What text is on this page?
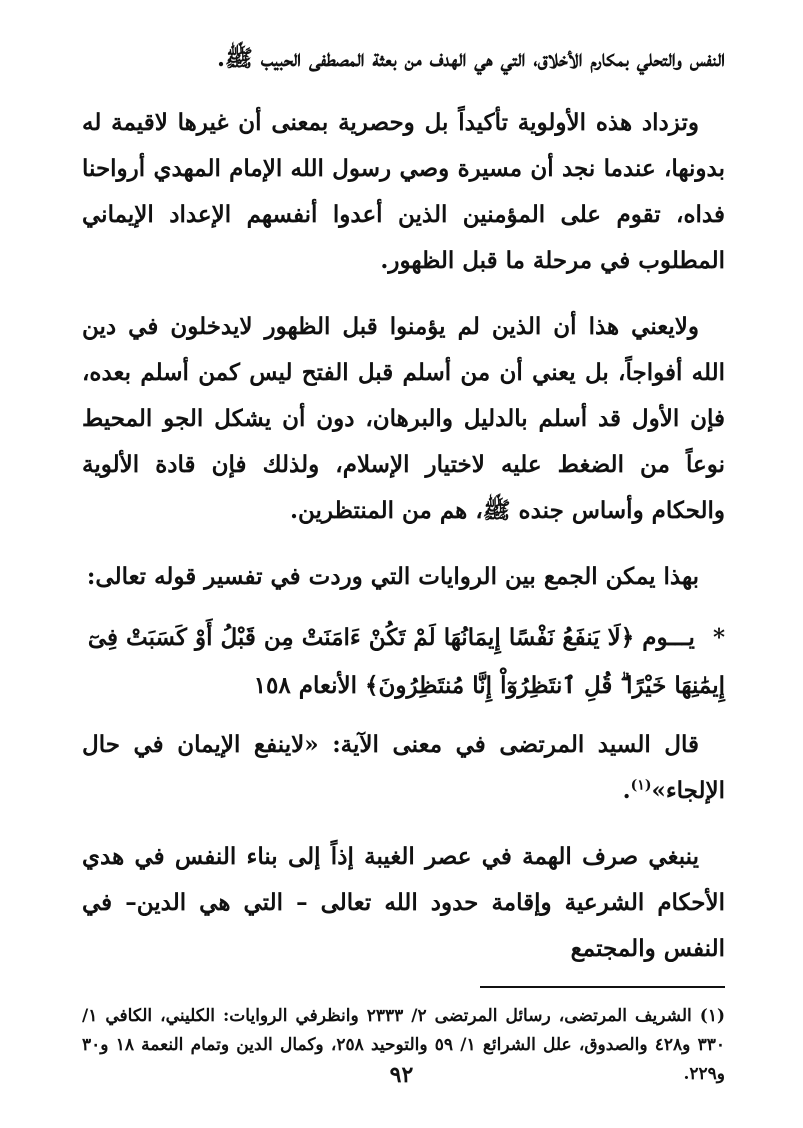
النفس والتحلي بمكارم الأخلاق، التي هي الهدف من بعثة المصطفى الحبيب ﷺ.

وتزداد هذه الأولوية تأكيداً بل وحصرية بمعنى أن غيرها لاقيمة له بدونها، عندما نجد أن مسيرة وصي رسول الله الإمام المهدي أرواحنا فداه، تقوم على المؤمنين الذين أعدوا أنفسهم الإعداد الإيماني المطلوب في مرحلة ما قبل الظهور.

ولايعني هذا أن الذين لم يؤمنوا قبل الظهور لايدخلون في دين الله أفواجاً، بل يعني أن من أسلم قبل الفتح ليس كمن أسلم بعده، فإن الأول قد أسلم بالدليل والبرهان، دون أن يشكل الجو المحيط نوعاً من الضغط عليه لاختيار الإسلام، ولذلك فإن قادة الألوية والحكام وأساس جنده ﷺ، هم من المنتظرين.

بهذا يمكن الجمع بين الروايات التي وردت في تفسير قوله تعالى:

* يـــوم ﴿لَا يَنفَعُ نَفْسًا إِيمَانُهَا لَمْ تَكُنْ ءَامَنَتْ مِن قَبْلُ أَوْ كَسَبَتْ فِىٓ إِيمَٰنِهَا خَيْرًا ۗ قُلِ ٱنتَظِرُوٓاْ إِنَّا مُنتَظِرُونَ﴾ الأنعام ١٥٨

قال السيد المرتضى في معنى الآية: «لاينفع الإيمان في حال الإلجاء»$^{(١)}$.

ينبغي صرف الهمة في عصر الغيبة إذاً إلى بناء النفس في هدي الأحكام الشرعية وإقامة حدود الله تعالى – التي هي الدين– في النفس والمجتمع

(١) الشريف المرتضى، رسائل المرتضى ٢/ ٢٣٣٣ وانظرفي الروايات: الكليني، الكافي ١/ ٣٣٠ و٤٢٨ والصدوق، علل الشرائع ١/ ٥٩ والتوحيد ٢٥٨، وكمال الدين وتمام النعمة ١٨ و٣٠ و٢٢٩.

٩٢
